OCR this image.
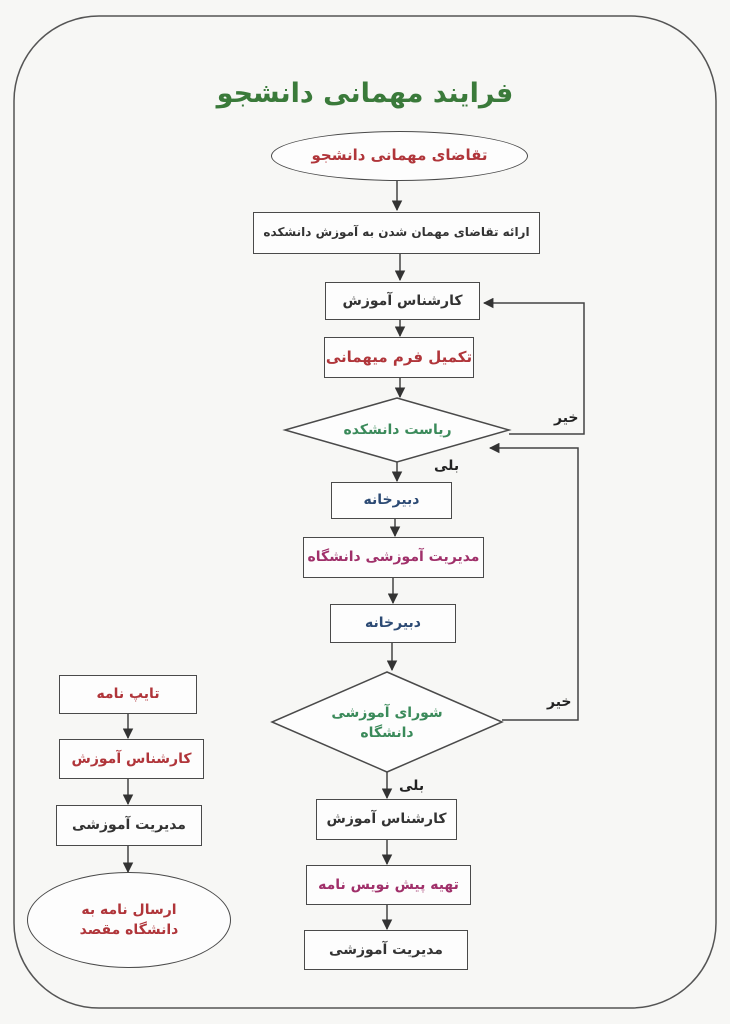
فرایند مهمانی دانشجو
تقاضای مهمانی دانشجو
ارائه تقاضای مهمان شدن به آموزش دانشکده
کارشناس آموزش
تکمیل فرم میهمانی
ریاست دانشکده
دبیرخانه
مدیریت آموزشی دانشگاه
دبیرخانه
شورای آموزشی دانشگاه
کارشناس آموزش
تهیه پیش نویس نامه
مدیریت آموزشی
تایپ نامه
کارشناس آموزش
مدیریت آموزشی
ارسال نامه به دانشگاه مقصد
بلی
بلی
خیر
خیر
